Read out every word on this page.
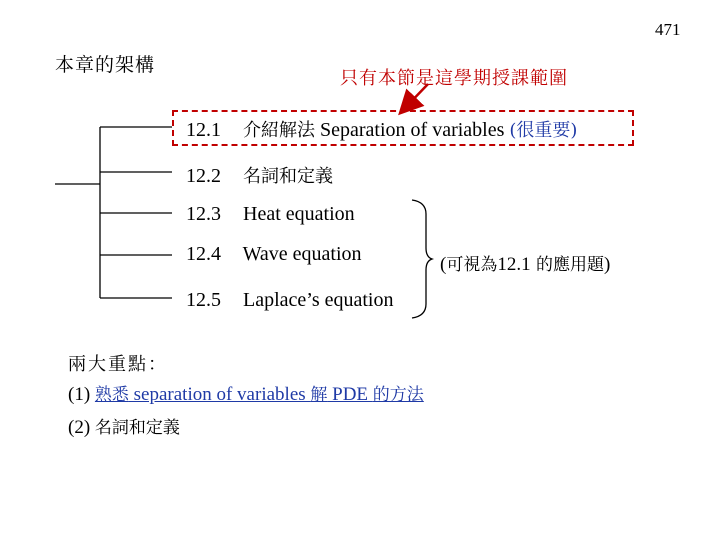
471
本章的架構
只有本節是這學期授課範圍
12.1 介紹解法 Separation of variables (很重要)
12.2 名詞和定義
12.3 Heat equation
12.4 Wave equation
12.5 Laplace’s equation
(可視為12.1 的應用題)
兩大重點：
(1) 熟悉 separation of variables 解 PDE 的方法
(2) 名詞和定義
